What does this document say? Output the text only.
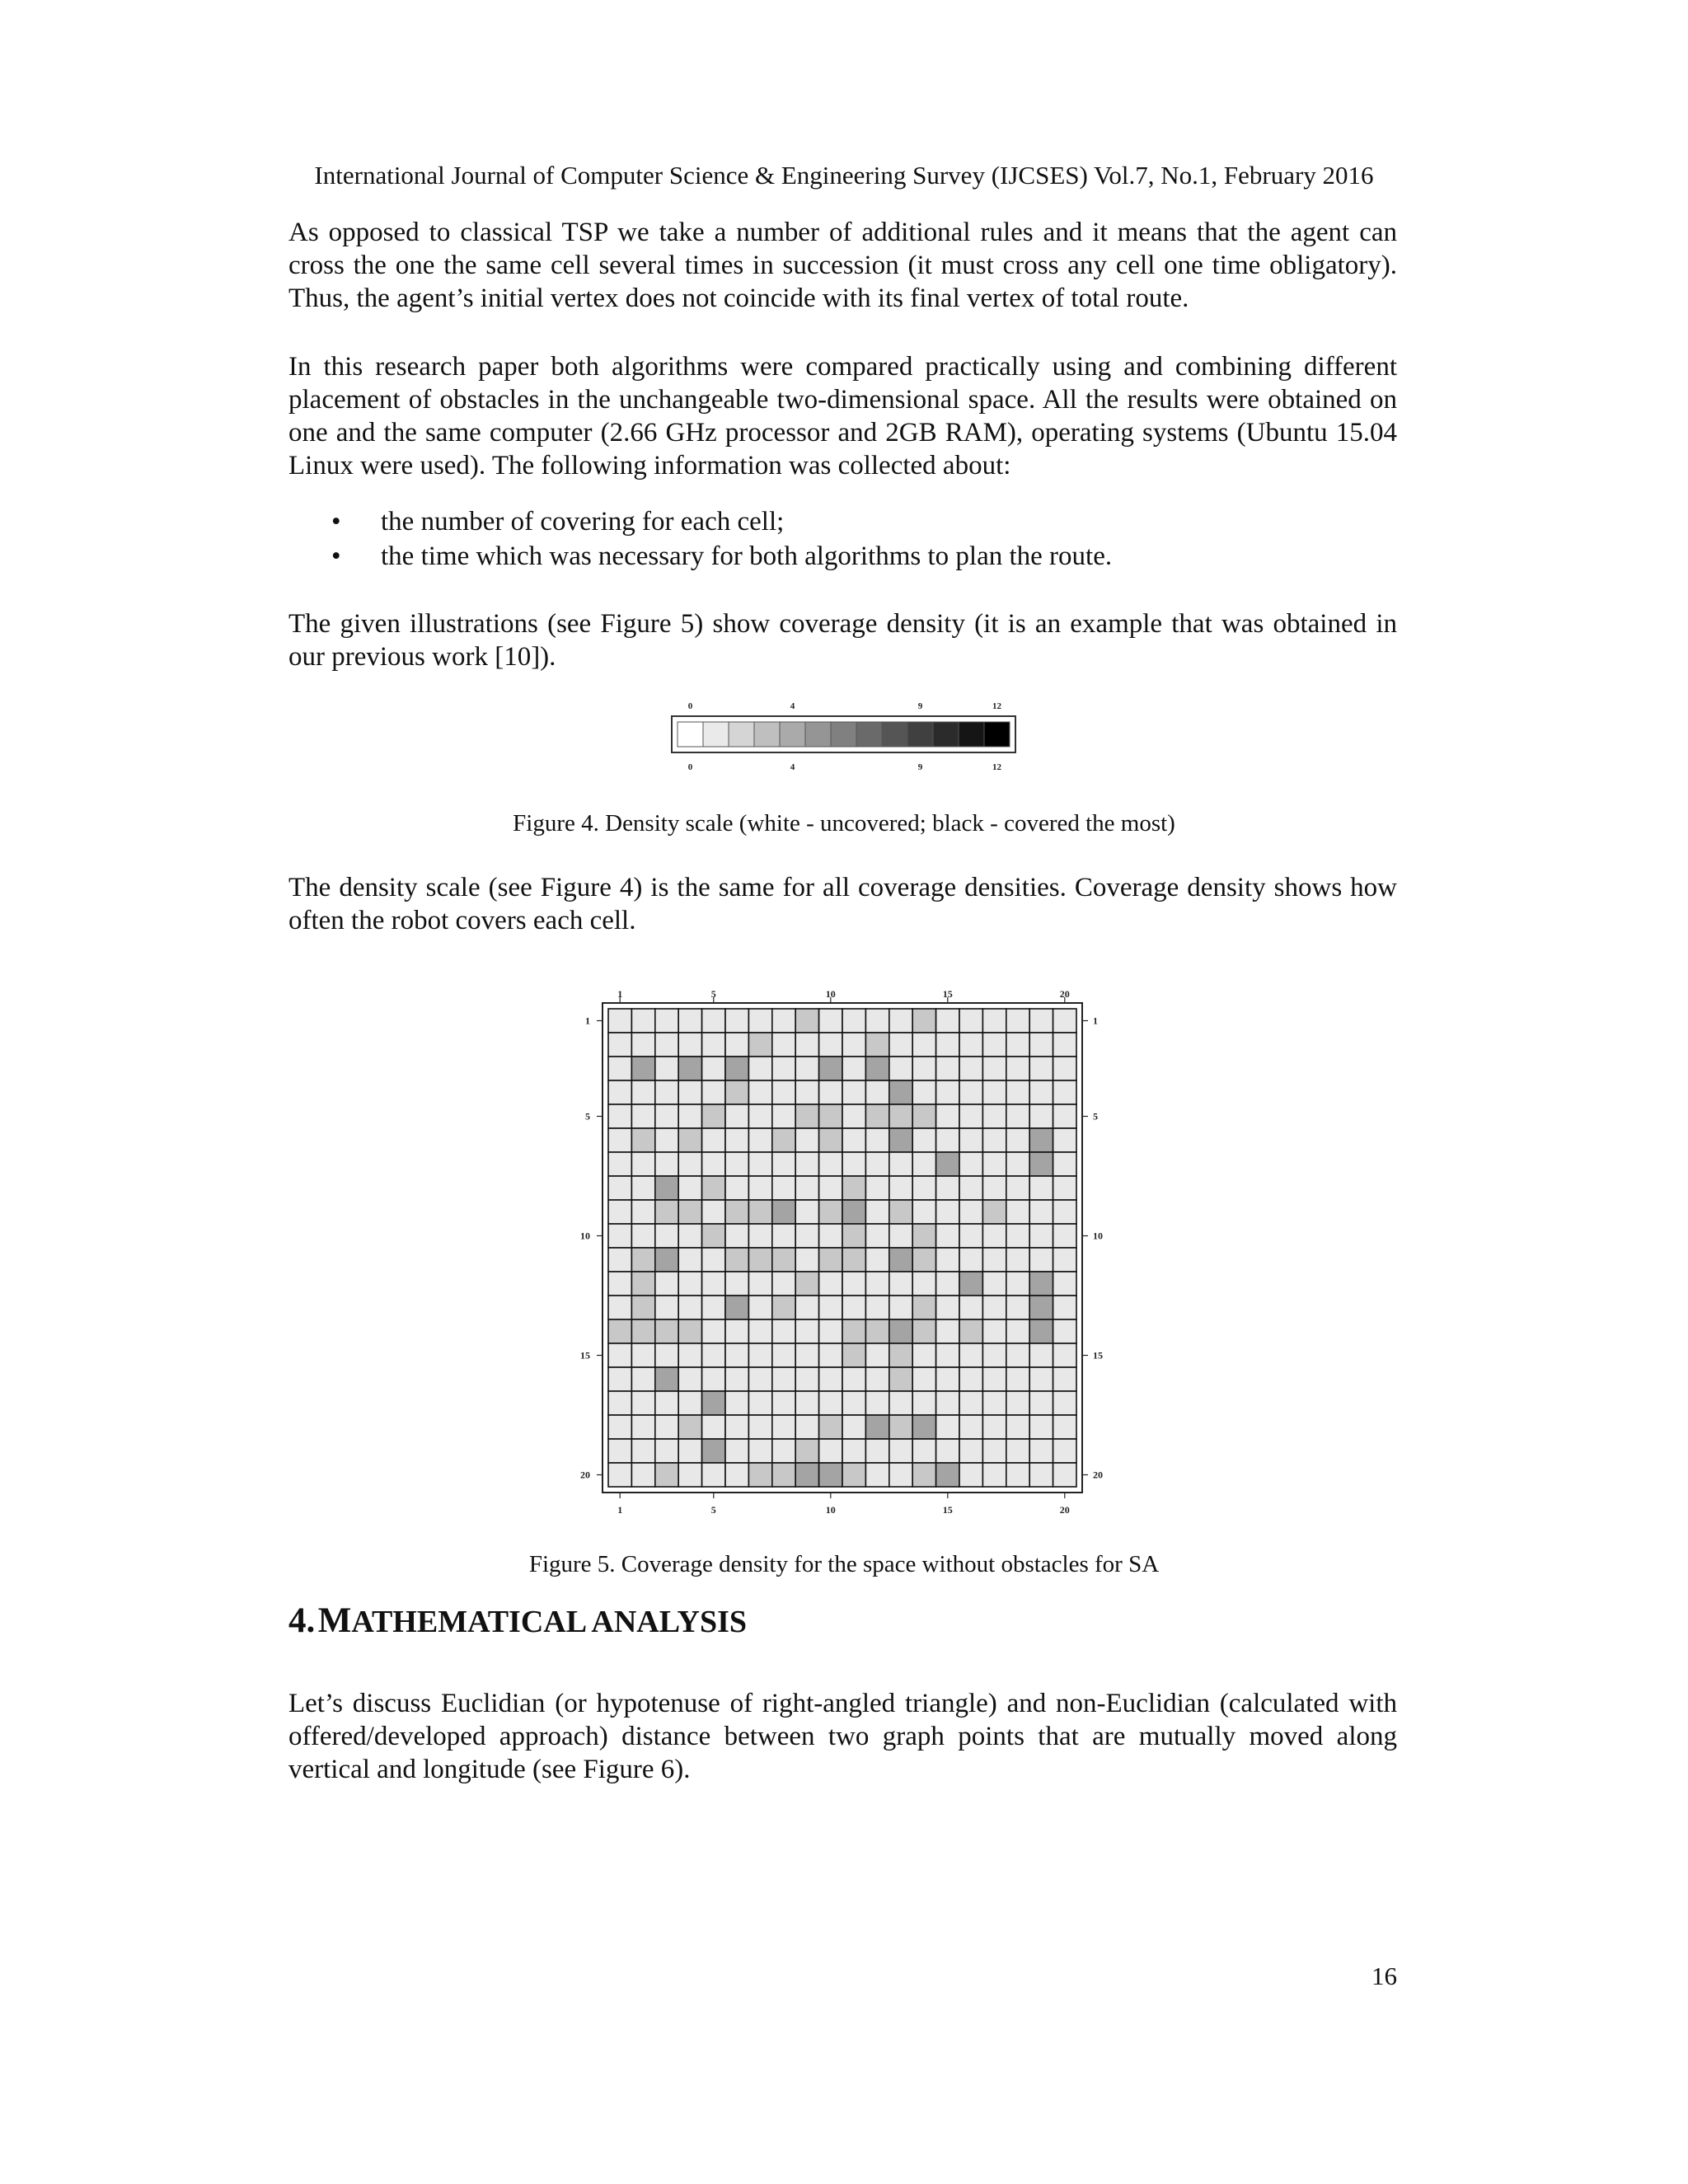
International Journal of Computer Science & Engineering Survey (IJCSES) Vol.7, No.1, February 2016

As opposed to classical TSP we take a number of additional rules and it means that the agent can cross the one the same cell several times in succession (it must cross any cell one time obligatory). Thus, the agent’s initial vertex does not coincide with its final vertex of total route.

In this research paper both algorithms were compared practically using and combining different placement of obstacles in the unchangeable two-dimensional space. All the results were obtained on one and the same computer (2.66 GHz processor and 2GB RAM), operating systems (Ubuntu 15.04 Linux were used). The following information was collected about:

• the number of covering for each cell;
• the time which was necessary for both algorithms to plan the route.

The given illustrations (see Figure 5) show coverage density (it is an example that was obtained in our previous work [10]).

0
0
4
4
9
9
12
12
Figure 4. Density scale (white - uncovered; black - covered the most)

The density scale (see Figure 4) is the same for all coverage densities. Coverage density shows how often the robot covers each cell.

1
1
1	1
5
5
5	5
10
10
10	10
15
15
15	15
20
20
20	20
Figure 5. Coverage density for the space without obstacles for SA
4. MATHEMATICAL ANALYSIS

Let’s discuss Euclidian (or hypotenuse of right-angled triangle) and non-Euclidian (calculated with offered/developed approach) distance between two graph points that are mutually moved along vertical and longitude (see Figure 6).

16
